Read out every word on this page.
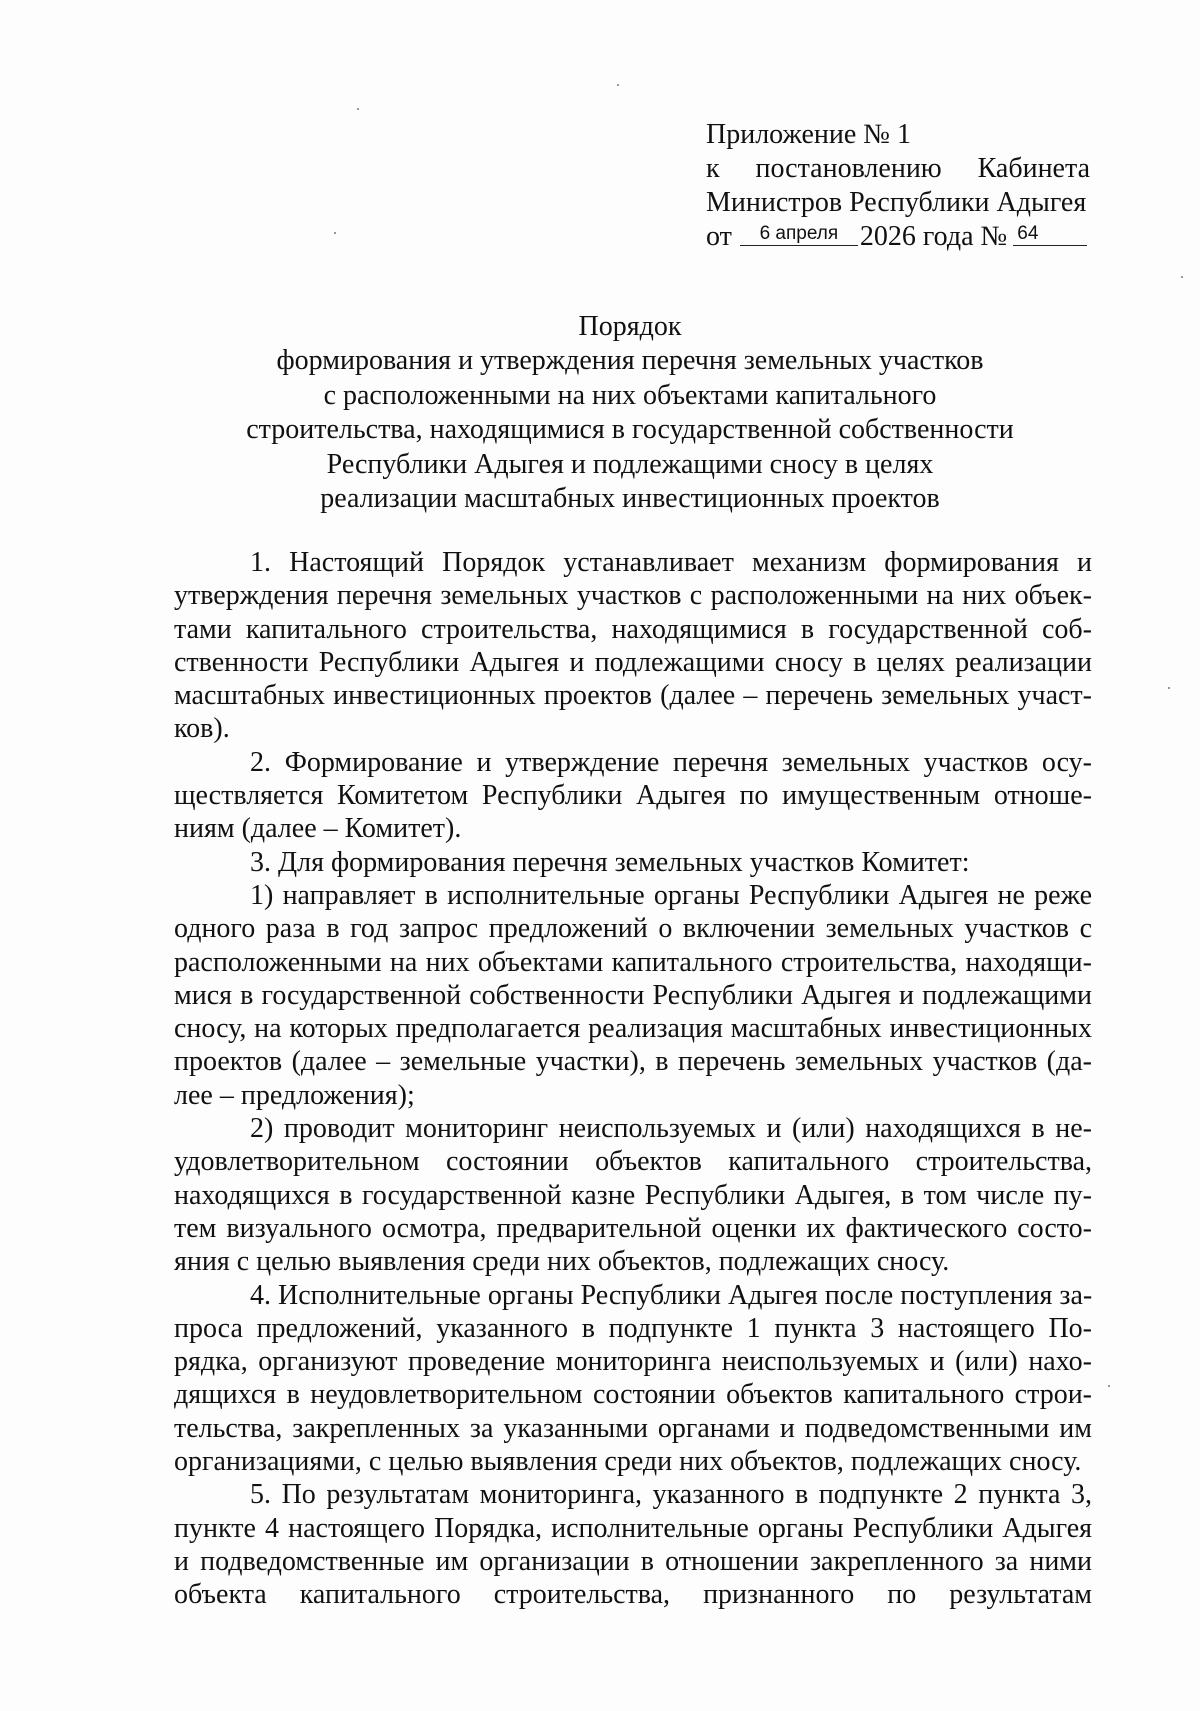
Приложение № 1
к постановлению Кабинета
Министров Республики Адыгея
от	6 апреля 2026 года № 64
Порядок
формирования и утверждения перечня земельных участков
с расположенными на них объектами капитального
строительства, находящимися в государственной собственности
Республики Адыгея и подлежащими сносу в целях
реализации масштабных инвестиционных проектов
1. Настоящий Порядок устанавливает механизм формирования и
утверждения перечня земельных участков с расположенными на них объек-
тами капитального строительства, находящимися в государственной соб-
ственности Республики Адыгея и подлежащими сносу в целях реализации
масштабных инвестиционных проектов (далее – перечень земельных участ-
ков).
2. Формирование и утверждение перечня земельных участков осу-
ществляется Комитетом Республики Адыгея по имущественным отноше-
ниям (далее – Комитет).
3. Для формирования перечня земельных участков Комитет:
1) направляет в исполнительные органы Республики Адыгея не реже
одного раза в год запрос предложений о включении земельных участков с
расположенными на них объектами капитального строительства, находящи-
мися в государственной собственности Республики Адыгея и подлежащими
сносу, на которых предполагается реализация масштабных инвестиционных
проектов (далее – земельные участки), в перечень земельных участков (да-
лее – предложения);
2) проводит мониторинг неиспользуемых и (или) находящихся в не-
удовлетворительном состоянии объектов капитального строительства,
находящихся в государственной казне Республики Адыгея, в том числе пу-
тем визуального осмотра, предварительной оценки их фактического состо-
яния с целью выявления среди них объектов, подлежащих сносу.
4. Исполнительные органы Республики Адыгея после поступления за-
проса предложений, указанного в подпункте 1 пункта 3 настоящего По-
рядка, организуют проведение мониторинга неиспользуемых и (или) нахо-
дящихся в неудовлетворительном состоянии объектов капитального строи-
тельства, закрепленных за указанными органами и подведомственными им
организациями, с целью выявления среди них объектов, подлежащих сносу.
5. По результатам мониторинга, указанного в подпункте 2 пункта 3,
пункте 4 настоящего Порядка, исполнительные органы Республики Адыгея
и подведомственные им организации в отношении закрепленного за ними
объекта капитального строительства, признанного по результатам
